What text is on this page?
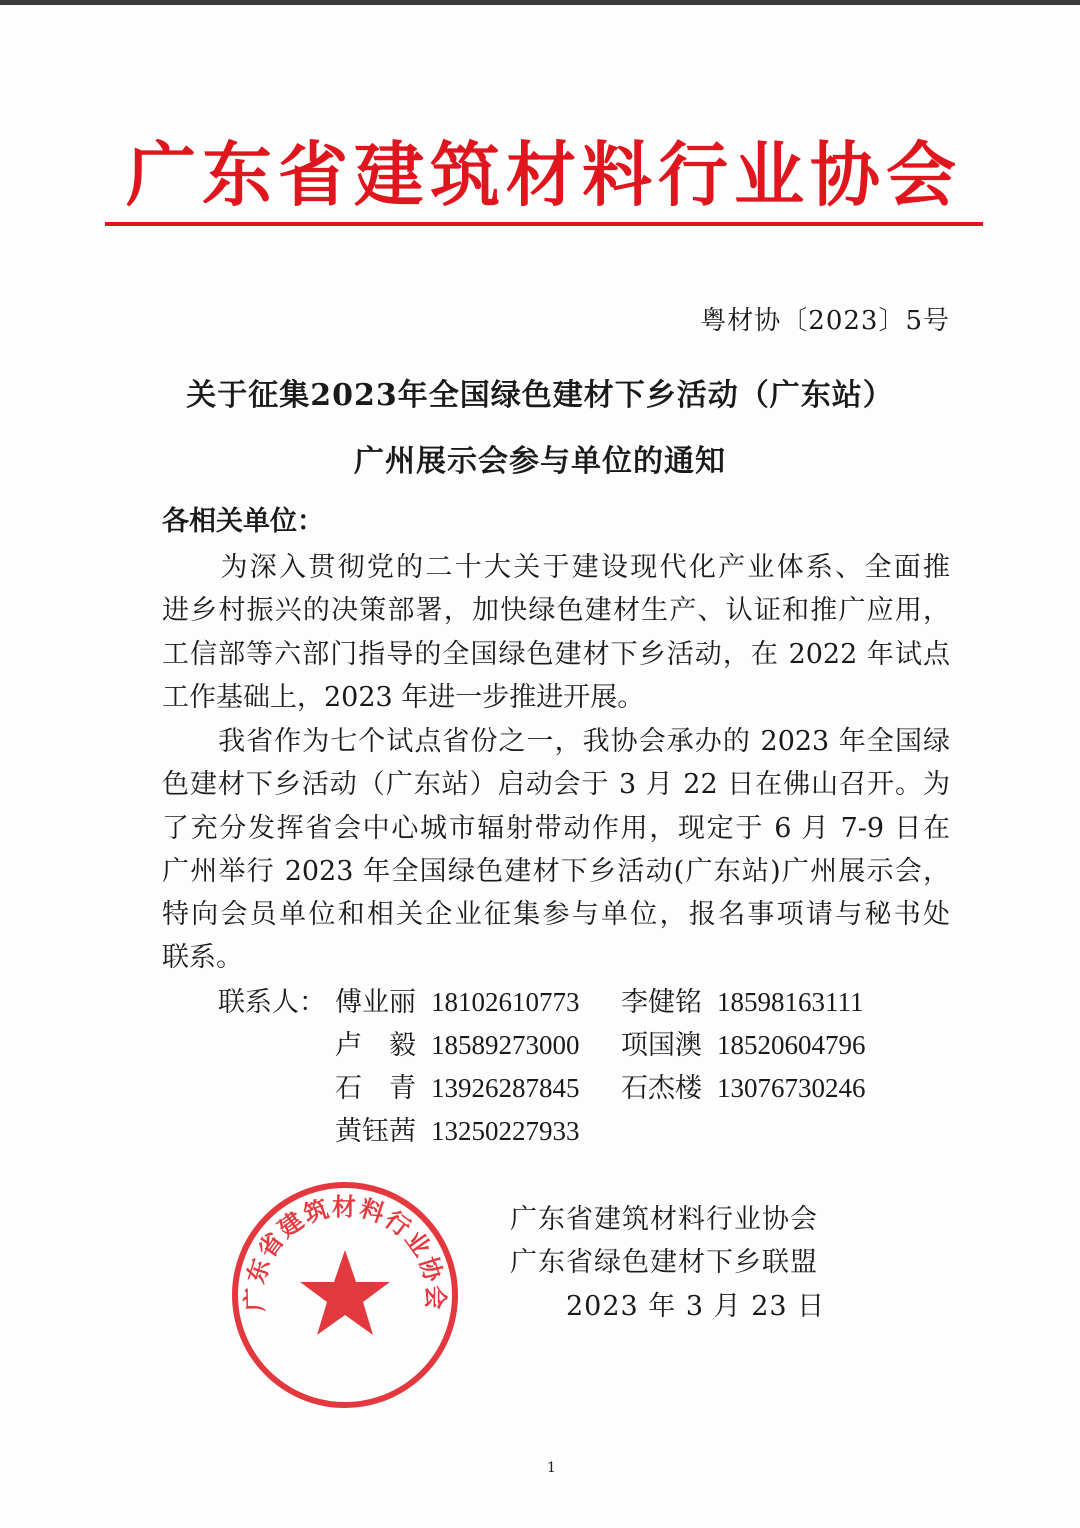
广东省建筑材料行业协会
粤材协〔2023〕5号
关于征集2023年全国绿色建材下乡活动（广东站）
广州展示会参与单位的通知
各相关单位：
　　为深入贯彻党的二十大关于建设现代化产业体系、全面推
进乡村振兴的决策部署，加快绿色建材生产、认证和推广应用，
工信部等六部门指导的全国绿色建材下乡活动，在 2022 年试点
工作基础上，2023 年进一步推进开展。
　　我省作为七个试点省份之一，我协会承办的 2023 年全国绿
色建材下乡活动（广东站）启动会于 3 月 22 日在佛山召开。为
了充分发挥省会中心城市辐射带动作用，现定于 6 月 7-9 日在
广州举行 2023 年全国绿色建材下乡活动(广东站)广州展示会，
特向会员单位和相关企业征集参与单位，报名事项请与秘书处
联系。
联系人： 傅业丽 18102610773	李健铭 18598163111
卢　毅 18589273000	项国澳 18520604796
石　青 13926287845	石杰楼 13076730246
黄钰茜 13250227933
广东省建筑材料行业协会
广东省建筑材料行业协会
广东省绿色建材下乡联盟
2023 年 3 月 23 日
1
